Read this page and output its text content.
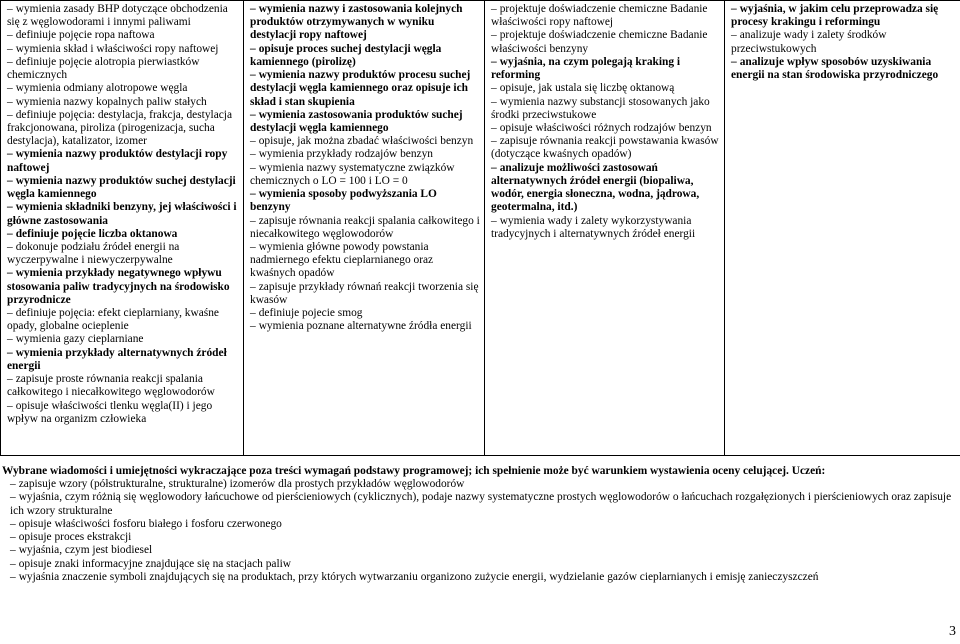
– wymienia zasady BHP dotyczące obchodzenia się z węglowodorami i innymi paliwami
– definiuje pojęcie ropa naftowa
– wymienia skład i właściwości ropy naftowej
– definiuje pojęcie alotropia pierwiastków chemicznych
– wymienia odmiany alotropowe węgla
– wymienia nazwy kopalnych paliw stałych
– definiuje pojęcia: destylacja, frakcja, destylacja frakcjonowana, piroliza (pirogenizacja, sucha destylacja), katalizator, izomer
– wymienia nazwy produktów destylacji ropy naftowej
– wymienia nazwy produktów suchej destylacji węgla kamiennego
– wymienia składniki benzyny, jej właściwości i główne zastosowania
– definiuje pojęcie liczba oktanowa
– dokonuje podziału źródeł energii na wyczerpywalne i niewyczerpywalne
– wymienia przykłady negatywnego wpływu stosowania paliw tradycyjnych na środowisko przyrodnicze
– definiuje pojęcia: efekt cieplarniany, kwaśne opady, globalne ocieplenie
– wymienia gazy cieplarniane
– wymienia przykłady alternatywnych źródeł energii
– zapisuje proste równania reakcji spalania całkowitego i niecałkowitego węglowodorów
– opisuje właściwości tlenku węgla(II) i jego wpływ na organizm człowieka

– wymienia nazwy i zastosowania kolejnych produktów otrzymywanych w wyniku destylacji ropy naftowej
– opisuje proces suchej destylacji węgla kamiennego (pirolizę)
– wymienia nazwy produktów procesu suchej destylacji węgla kamiennego oraz opisuje ich skład i stan skupienia
– wymienia zastosowania produktów suchej destylacji węgla kamiennego
– opisuje, jak można zbadać właściwości benzyn
– wymienia przykłady rodzajów benzyn
– wymienia nazwy systematyczne związków chemicznych o LO = 100 i LO = 0
– wymienia sposoby podwyższania LO benzyny
– zapisuje równania reakcji spalania całkowitego i niecałkowitego węglowodorów
– wymienia główne powody powstania nadmiernego efektu cieplarnianego oraz kwaśnych opadów
– zapisuje przykłady równań reakcji tworzenia się kwasów
– definiuje pojecie smog
– wymienia poznane alternatywne źródła energii

– projektuje doświadczenie chemiczne Badanie właściwości ropy naftowej
– projektuje doświadczenie chemiczne Badanie właściwości benzyny
– wyjaśnia, na czym polegają kraking i reforming
– opisuje, jak ustala się liczbę oktanową
– wymienia nazwy substancji stosowanych jako środki przeciwstukowe
– opisuje właściwości różnych rodzajów benzyn
– zapisuje równania reakcji powstawania kwasów (dotyczące kwaśnych opadów)
– analizuje możliwości zastosowań alternatywnych źródeł energii (biopaliwa, wodór, energia słoneczna, wodna, jądrowa, geotermalna, itd.)
– wymienia wady i zalety wykorzystywania tradycyjnych i alternatywnych źródeł energii

– wyjaśnia, w jakim celu przeprowadza się procesy krakingu i reformingu
– analizuje wady i zalety środków przeciwstukowych
– analizuje wpływ sposobów uzyskiwania energii na stan środowiska przyrodniczego
Wybrane wiadomości i umiejętności wykraczające poza treści wymagań podstawy programowej; ich spełnienie może być warunkiem wystawienia oceny celującej. Uczeń:
– zapisuje wzory (półstrukturalne, strukturalne) izomerów dla prostych przykładów węglowodorów
– wyjaśnia, czym różnią się węglowodory łańcuchowe od pierścieniowych (cyklicznych), podaje nazwy systematyczne prostych węglowodorów o łańcuchach rozgałęzionych i pierścieniowych oraz zapisuje ich wzory strukturalne
– opisuje właściwości fosforu białego i fosforu czerwonego
– opisuje proces ekstrakcji
– wyjaśnia, czym jest biodiesel
– opisuje znaki informacyjne znajdujące się na stacjach paliw
– wyjaśnia znaczenie symboli znajdujących się na produktach, przy których wytwarzaniu organizono zużycie energii, wydzielanie gazów cieplarnianych i emisję zanieczyszczeń
3
